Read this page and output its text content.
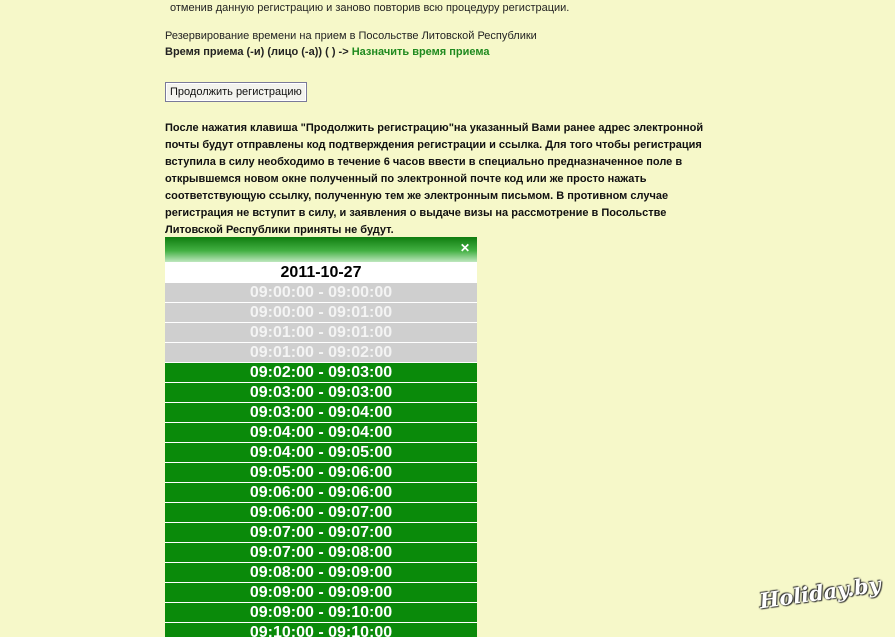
отменив данную регистрацию и заново повторив всю процедуру регистрации.
Резервирование времени на прием в Посольстве Литовской Республики
Время приема (-и) (лицо (-а)) ( ) -> Назначить время приема
Продолжить регистрацию
После нажатия клавиша "Продолжить регистрацию"на указанный Вами ранее адрес электронной почты будут отправлены код подтверждения регистрации и ссылка. Для того чтобы регистрация вступила в силу необходимо в течение 6 часов ввести в специально предназначенное поле в открывшемся новом окне полученный по электронной почте код или же просто нажать соответствующую ссылку, полученную тем же электронным письмом. В противном случае регистрация не вступит в силу, и заявления о выдаче визы на рассмотрение в Посольстве Литовской Республики приняты не будут.
✕
2011-10-27
09:00:00 - 09:00:00
09:00:00 - 09:01:00
09:01:00 - 09:01:00
09:01:00 - 09:02:00
09:02:00 - 09:03:00
09:03:00 - 09:03:00
09:03:00 - 09:04:00
09:04:00 - 09:04:00
09:04:00 - 09:05:00
09:05:00 - 09:06:00
09:06:00 - 09:06:00
09:06:00 - 09:07:00
09:07:00 - 09:07:00
09:07:00 - 09:08:00
09:08:00 - 09:09:00
09:09:00 - 09:09:00
09:09:00 - 09:10:00
09:10:00 - 09:10:00
Holiday.by
